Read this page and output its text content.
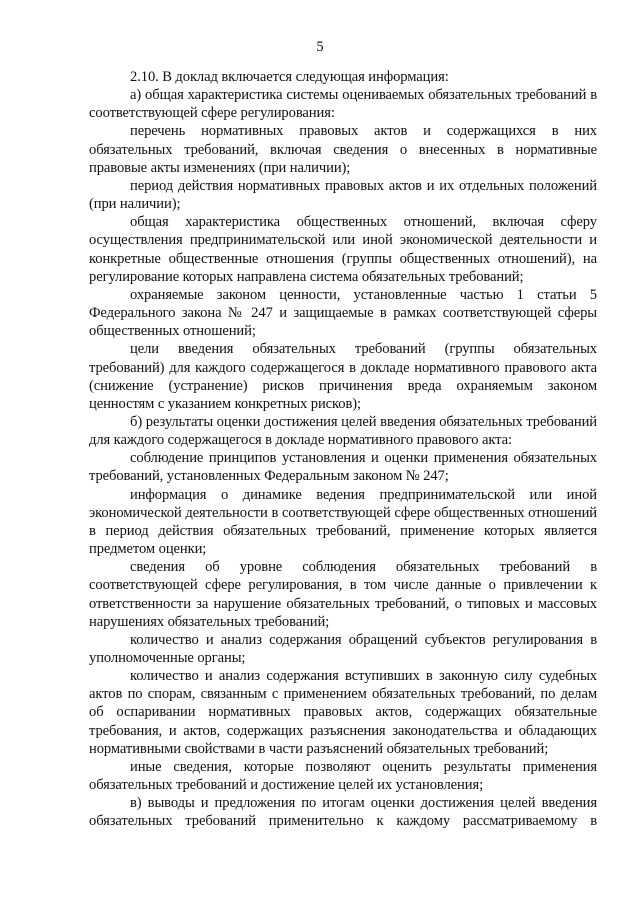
5

2.10. В доклад включается следующая информация:

а) общая характеристика системы оцениваемых обязательных требований в соответствующей сфере регулирования:

перечень нормативных правовых актов и содержащихся в них обязательных требований, включая сведения о внесенных в нормативные правовые акты изменениях (при наличии);

период действия нормативных правовых актов и их отдельных положений (при наличии);

общая характеристика общественных отношений, включая сферу осуществления предпринимательской или иной экономической деятельности и конкретные общественные отношения (группы общественных отношений), на регулирование которых направлена система обязательных требований;

охраняемые законом ценности, установленные частью 1 статьи 5 Федерального закона № 247 и защищаемые в рамках соответствующей сферы общественных отношений;

цели введения обязательных требований (группы обязательных требований) для каждого содержащегося в докладе нормативного правового акта (снижение (устранение) рисков причинения вреда охраняемым законом ценностям с указанием конкретных рисков);

б) результаты оценки достижения целей введения обязательных требований для каждого содержащегося в докладе нормативного правового акта:

соблюдение принципов установления и оценки применения обязательных требований, установленных Федеральным законом № 247;

информация о динамике ведения предпринимательской или иной экономической деятельности в соответствующей сфере общественных отношений в период действия обязательных требований, применение которых является предметом оценки;

сведения об уровне соблюдения обязательных требований в соответствующей сфере регулирования, в том числе данные о привлечении к ответственности за нарушение обязательных требований, о типовых и массовых нарушениях обязательных требований;

количество и анализ содержания обращений субъектов регулирования в уполномоченные органы;

количество и анализ содержания вступивших в законную силу судебных актов по спорам, связанным с применением обязательных требований, по делам об оспаривании нормативных правовых актов, содержащих обязательные требования, и актов, содержащих разъяснения законодательства и обладающих нормативными свойствами в части разъяснений обязательных требований;

иные сведения, которые позволяют оценить результаты применения обязательных требований и достижение целей их установления;

в) выводы и предложения по итогам оценки достижения целей введения обязательных требований применительно к каждому рассматриваемому в
